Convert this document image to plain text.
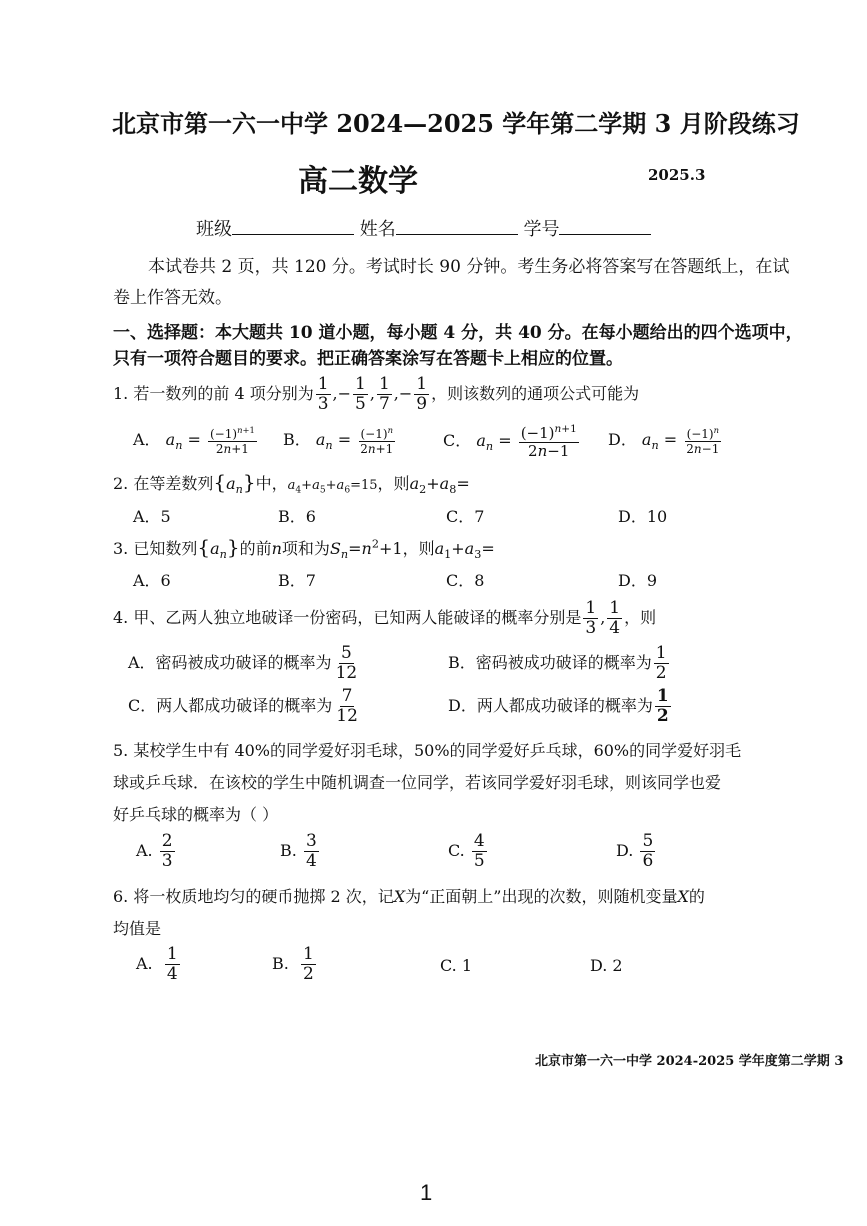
北京市第一六一中学 2024—2025 学年第二学期 3 月阶段练习
高二数学	2025.3
班级	姓名	学号
本试卷共 2 页，共 120 分。考试时长 90 分钟。考生务必将答案写在答题纸上，在试
卷上作答无效。
一、选择题：本大题共 10 道小题，每小题 4 分，共 40 分。在每小题给出的四个选项中，
只有一项符合题目的要求。把正确答案涂写在答题卡上相应的位置。
1. 若一数列的前 4 项分别为 $\frac{1}{3}$ ,− $\frac{1}{5}$ , $\frac{1}{7}$ ,− $\frac{1}{9}$ ，则该数列的通项公式可能为
A． $a_n = \frac{(-1)^{n+1}}{2n+1}$ B． $a_n = \frac{(-1)^n}{2n+1}$	C． $a_n = \frac{(-1)^{n+1}}{2n-1}$ D． $a_n = \frac{(-1)^n}{2n-1}$
2. 在等差数列$\{a_n\}$中，$a_4+a_5+a_6=15$，则$a_2+a_8=$
A．5	B．6	C．7	D．10
3. 已知数列$\{a_n\}$的前n项和为$S_n=n^2+1$，则$a_1+a_3=$
A．6	B．7	C．8	D．9
4. 甲、乙两人独立地破译一份密码，已知两人能破译的概率分别是 $\frac{1}{3}$ , $\frac{1}{4}$ ，则
A．密码被成功破译的概率为 $\frac{5}{12}$	B．密码被成功破译的概率为 $\frac{1}{2}$
C．两人都成功破译的概率为 $\frac{7}{12}$	D．两人都成功破译的概率为 $\frac{1}{2}$
5. 某校学生中有 40%的同学爱好羽毛球，50%的同学爱好乒乓球，60%的同学爱好羽毛
球或乒乓球．在该校的学生中随机调查一位同学，若该同学爱好羽毛球，则该同学也爱
好乒乓球的概率为（ ）
A. $\frac{2}{3}$	B. $\frac{3}{4}$	C. $\frac{4}{5}$	D. $\frac{5}{6}$
6. 将一枚质地均匀的硬币抛掷 2 次，记X为“正面朝上”出现的次数，则随机变量X的
均值是
A. $\frac{1}{4}$	B. $\frac{1}{2}$	C. 1	D. 2
北京市第一六一中学 2024-2025 学年度第二学期 3
1
